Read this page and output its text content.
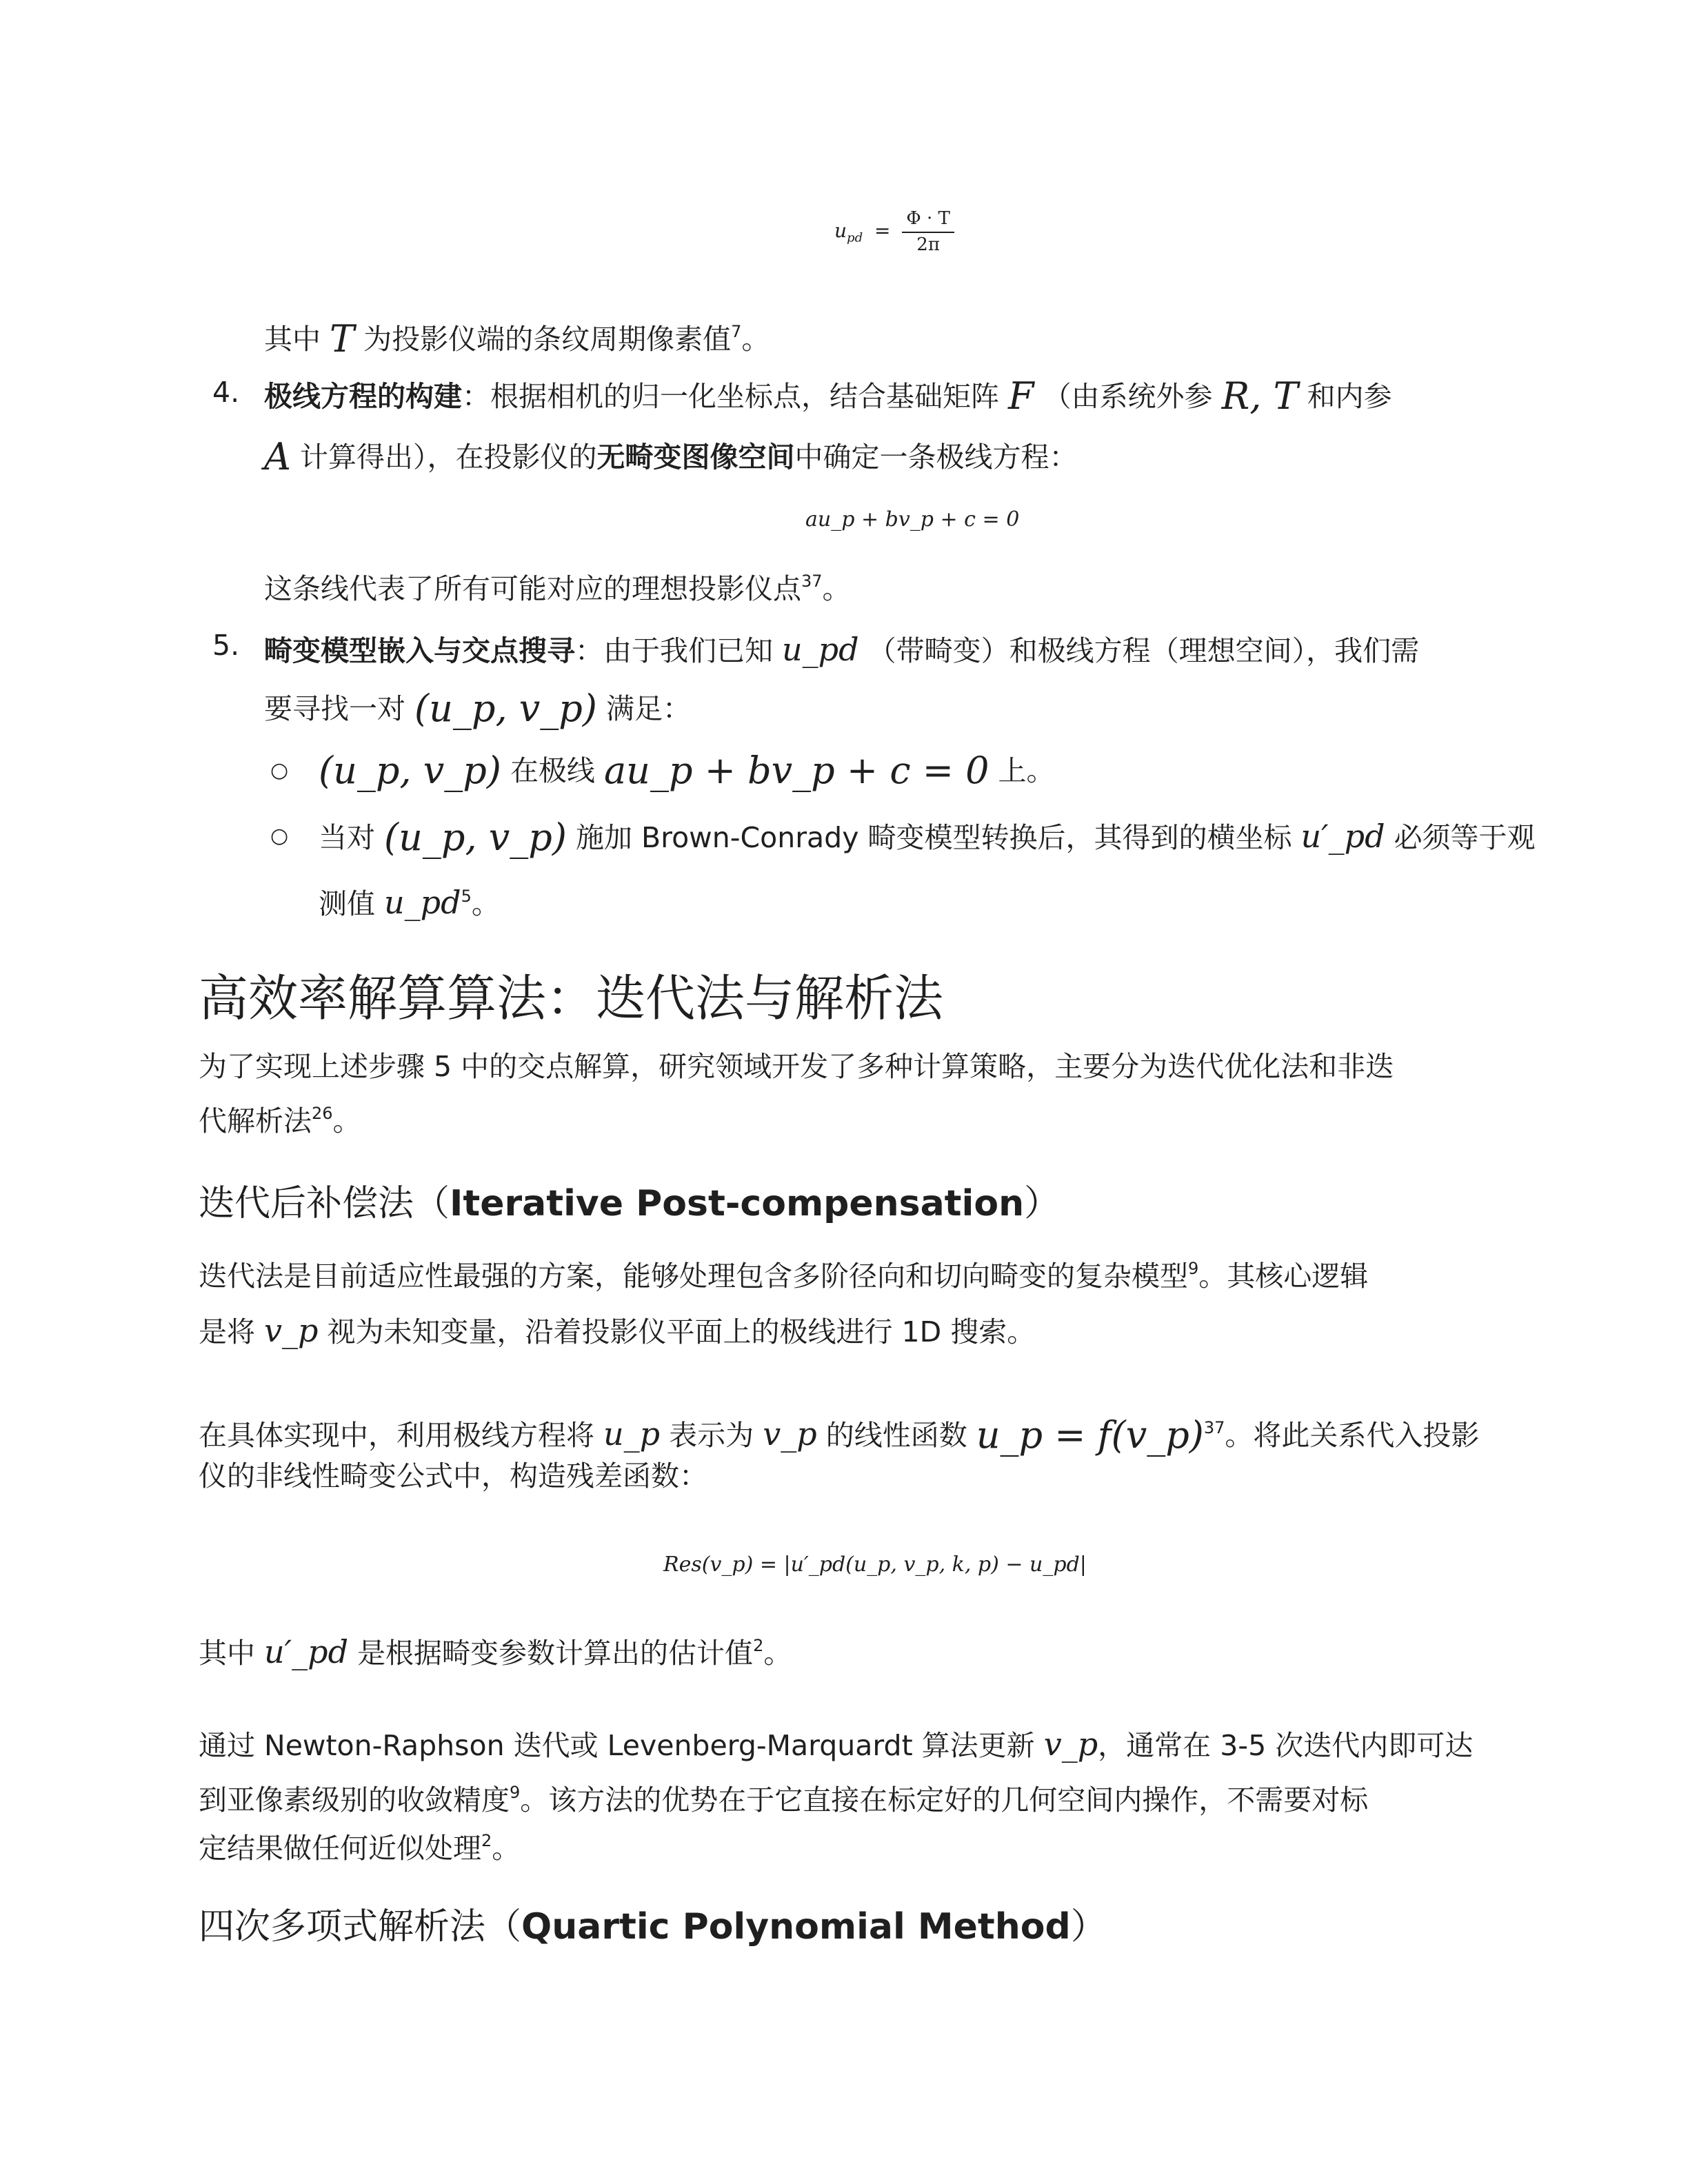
$u_{pd} = \frac{\Phi \cdot T}{2\pi}$
其中 T 为投影仪端的条纹周期像素值$^7$。
4. 极线方程的构建：根据相机的归一化坐标点，结合基础矩阵 F （由系统外参 R, T 和内参
A 计算得出），在投影仪的无畸变图像空间中确定一条极线方程：
au_p + bv_p + c = 0
这条线代表了所有可能对应的理想投影仪点$^{37}$。
5. 畸变模型嵌入与交点搜寻：由于我们已知 u_pd （带畸变）和极线方程（理想空间），我们需
要寻找一对 (u_p, v_p) 满足：
○ (u_p, v_p) 在极线 au_p + bv_p + c = 0 上。
○ 当对 (u_p, v_p) 施加 Brown-Conrady 畸变模型转换后，其得到的横坐标 u′_pd 必须等于观
测值 $u\_pd^5$。
高效率解算算法：迭代法与解析法
为了实现上述步骤 5 中的交点解算，研究领域开发了多种计算策略，主要分为迭代优化法和非迭
代解析法$^{26}$。
迭代后补偿法（Iterative Post-compensation）
迭代法是目前适应性最强的方案，能够处理包含多阶径向和切向畸变的复杂模型$^9$。其核心逻辑
是将 v_p 视为未知变量，沿着投影仪平面上的极线进行 1D 搜索。
在具体实现中，利用极线方程将 u_p 表示为 v_p 的线性函数 u_p = f(v_p)$^{37}$。将此关系代入投影
仪的非线性畸变公式中，构造残差函数：
Res(v_p) = |u′_pd(u_p, v_p, k, p) − u_pd|
其中 u′_pd 是根据畸变参数计算出的估计值$^2$。
通过 Newton-Raphson 迭代或 Levenberg-Marquardt 算法更新 v_p，通常在 3-5 次迭代内即可达
到亚像素级别的收敛精度$^9$。该方法的优势在于它直接在标定好的几何空间内操作，不需要对标
定结果做任何近似处理$^2$。
四次多项式解析法（Quartic Polynomial Method）
